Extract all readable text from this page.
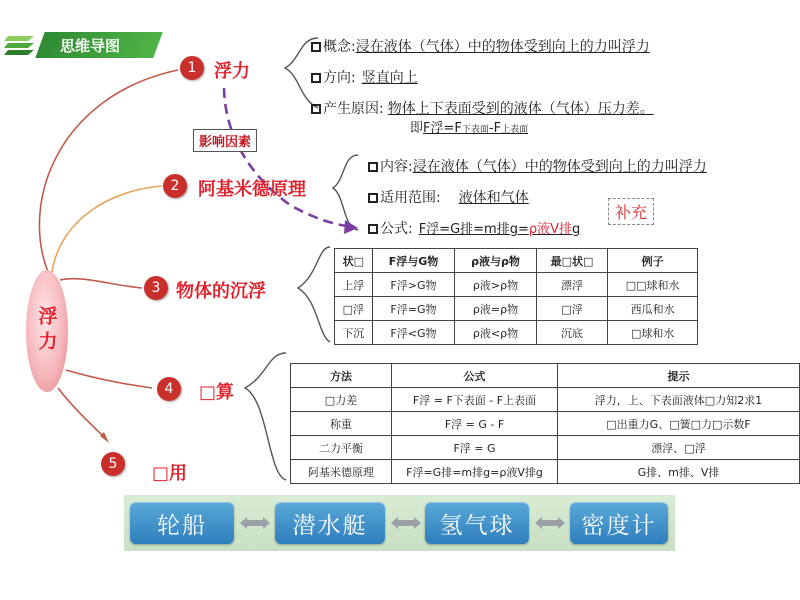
思维导图
浮力
1 浮力
概念:浸在液体（气体）中的物体受到向上的力叫浮力
方向: 竖直向上
产生原因: 物体上下表面受到的液体（气体）压力差。
即F浮=F下表面-F上表面
影响因素
2	阿基米德原理
内容:浸在液体（气体）中的物体受到向上的力叫浮力
适用范围: 液体和气体
公式: F浮=G排=m排g=ρ液V排g
补充
3 物体的沉浮
状□	F浮与G物	ρ液与ρ物	最□状□	例子
上浮	F浮>G物	ρ液>ρ物	漂浮	□□球和水
□浮	F浮=G物	ρ液=ρ物	□浮	西瓜和水
下沉	F浮<G物	ρ液<ρ物	沉底	□球和水
4	□算
方法	公式	提示
□力差	F浮 = F下表面 - F上表面	浮力，上、下表面液体□力知2求1
称重	F浮 = G - F	□出重力G、□簧□力□示数F
二力平衡	F浮 = G	漂浮、□浮
阿基米德原理	F浮=G排=m排g=ρ液V排g	G排、m排、V排
5	□用
轮船	潜水艇	氢气球	密度计
